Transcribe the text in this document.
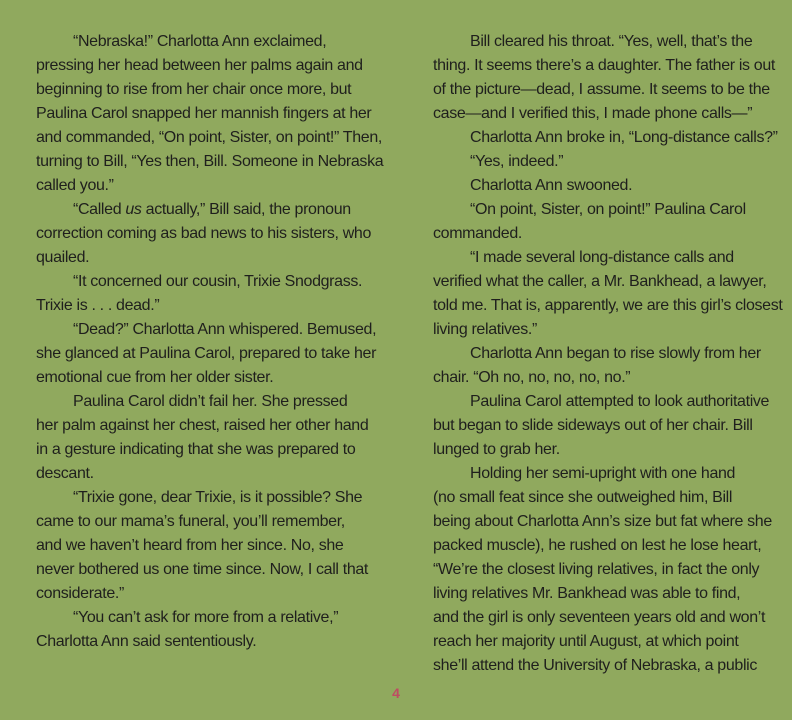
“Nebraska!” Charlotta Ann exclaimed,
pressing her head between her palms again and
beginning to rise from her chair once more, but
Paulina Carol snapped her mannish fingers at her
and commanded, “On point, Sister, on point!” Then,
turning to Bill, “Yes then, Bill. Someone in Nebraska
called you.”
“Called us actually,” Bill said, the pronoun
correction coming as bad news to his sisters, who
quailed.
“It concerned our cousin, Trixie Snodgrass.
Trixie is . . . dead.”
“Dead?” Charlotta Ann whispered. Bemused,
she glanced at Paulina Carol, prepared to take her
emotional cue from her older sister.
Paulina Carol didn’t fail her. She pressed
her palm against her chest, raised her other hand
in a gesture indicating that she was prepared to
descant.
“Trixie gone, dear Trixie, is it possible? She
came to our mama’s funeral, you’ll remember,
and we haven’t heard from her since. No, she
never bothered us one time since. Now, I call that
considerate.”
“You can’t ask for more from a relative,”
Charlotta Ann said sententiously.
Bill cleared his throat. “Yes, well, that’s the
thing. It seems there’s a daughter. The father is out
of the picture—dead, I assume. It seems to be the
case—and I verified this, I made phone calls—”
Charlotta Ann broke in, “Long-distance calls?”
“Yes, indeed.”
Charlotta Ann swooned.
“On point, Sister, on point!” Paulina Carol
commanded.
“I made several long-distance calls and
verified what the caller, a Mr. Bankhead, a lawyer,
told me. That is, apparently, we are this girl’s closest
living relatives.”
Charlotta Ann began to rise slowly from her
chair. “Oh no, no, no, no, no.”
Paulina Carol attempted to look authoritative
but began to slide sideways out of her chair. Bill
lunged to grab her.
Holding her semi-upright with one hand
(no small feat since she outweighed him, Bill
being about Charlotta Ann’s size but fat where she
packed muscle), he rushed on lest he lose heart,
“We’re the closest living relatives, in fact the only
living relatives Mr. Bankhead was able to find,
and the girl is only seventeen years old and won’t
reach her majority until August, at which point
she’ll attend the University of Nebraska, a public
4
